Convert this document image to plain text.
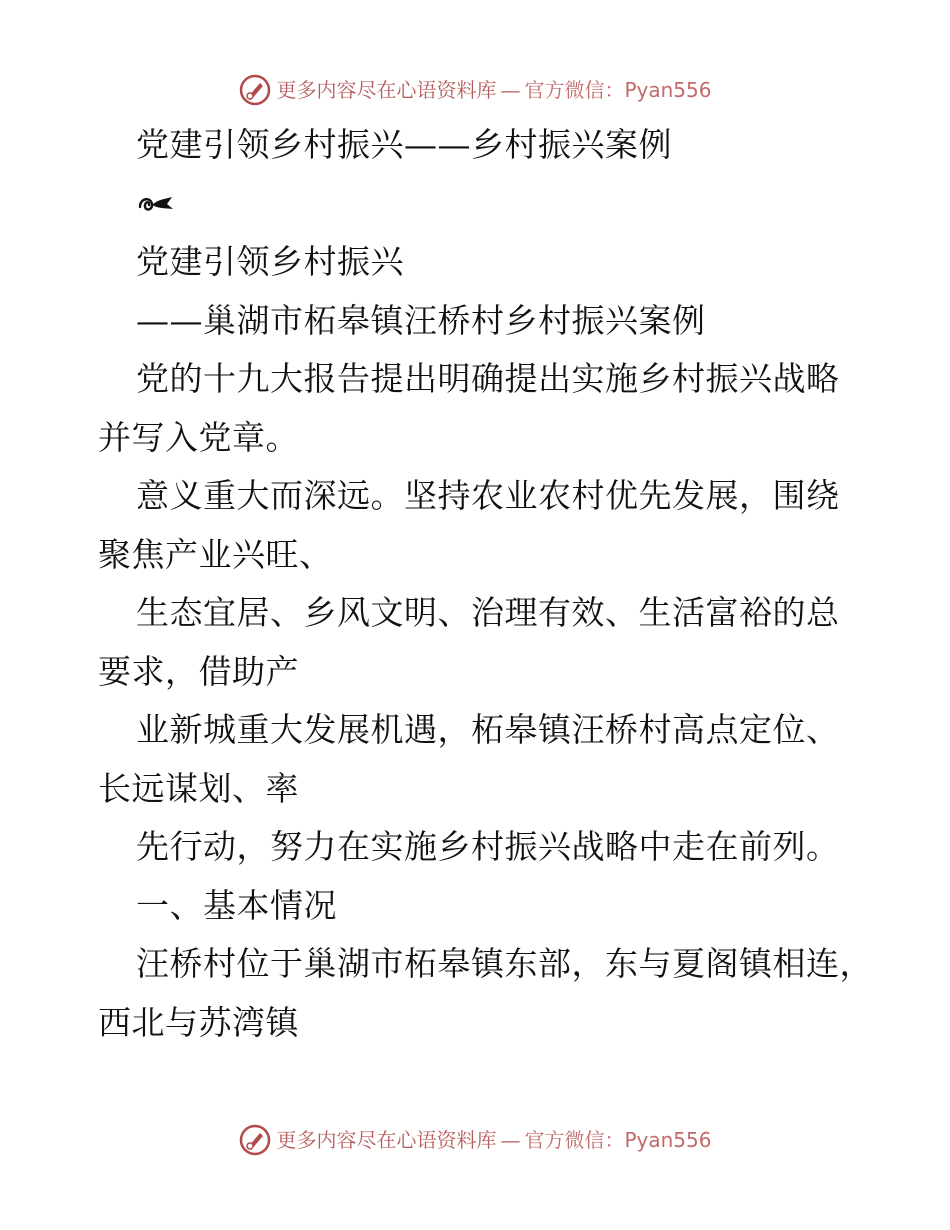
更多内容尽在心语资料库 — 官方微信：Pyan556
党建引领乡村振兴——乡村振兴案例
党建引领乡村振兴
——巢湖市柘皋镇汪桥村乡村振兴案例
党的十九大报告提出明确提出实施乡村振兴战略
并写入党章。
意义重大而深远。坚持农业农村优先发展，围绕
聚焦产业兴旺、
生态宜居、乡风文明、治理有效、生活富裕的总
要求，借助产
业新城重大发展机遇，柘皋镇汪桥村高点定位、
长远谋划、率
先行动，努力在实施乡村振兴战略中走在前列。
一、基本情况
汪桥村位于巢湖市柘皋镇东部，东与夏阁镇相连，
西北与苏湾镇
更多内容尽在心语资料库 — 官方微信：Pyan556
